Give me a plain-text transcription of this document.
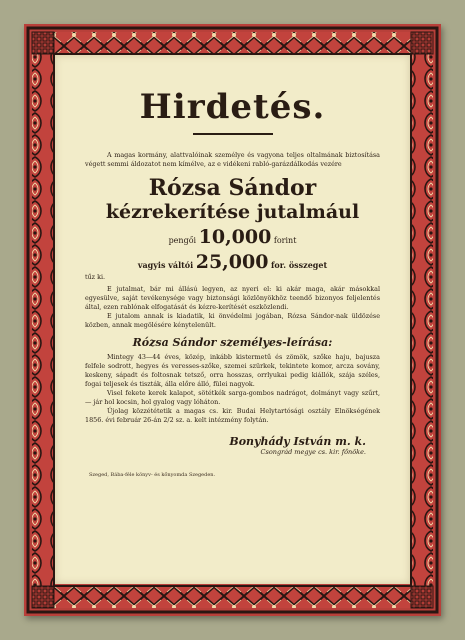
Hirdetés.

A magas kormány, alattvalóinak személye és vagyona teljes oltalmának biztosítása végett semmi áldozatot nem kímélve, az e vidékeni rabló-garázdálkodás vezére

Rózsa Sándor
kézrekerítése jutalmául
pengői 10,000 forint
vagyis váltói 25,000 for. összeget

tűz ki.

E jutalmat, bár mi állású legyen, az nyeri el: ki akár maga, akár másokkal egyesülve, saját tevékenysége vagy biztonsági közlönyökhöz teendő bizonyos feljelentés által, ezen rablónak elfogatását és kézre-kerítését eszközlendi.

E jutalom annak is kiadatik, ki önvédelmi jogában, Rózsa Sándor-nak üldözése közben, annak megölésére kénytelenült.

Rózsa Sándor személyes-leírása:

Mintegy 43—44 éves, közép, inkább kistermetű és zömök, szőke haju, bajusza felfele sodrott, hegyes és veresses-szőke, szemei szürkek, tekintete komor, arcza sovány, keskeny, sápadt és foltosnak tetsző, orra hosszas, orrlyukai pedig kiállók, szája széles, fogai teljesek és tiszták, álla előre álló, fülei nagyok.

Visel fekete kerek kalapot, sötétkék sarga-gombos nadrágot, dolmányt vagy szűrt, — jár hol kocsin, hol gyalog vagy lóháton.

Újolag közzététetik a magas cs. kir. Budai Helytartósági osztály Elnökségének 1856. évi február 26-án 2/2 sz. a. kelt intézmény folytán.

Bonyhády István m. k.
Csongrád megye cs. kir. főnöke.
Szeged, Bába-féle könyv- és kőnyomda Szegeden.
